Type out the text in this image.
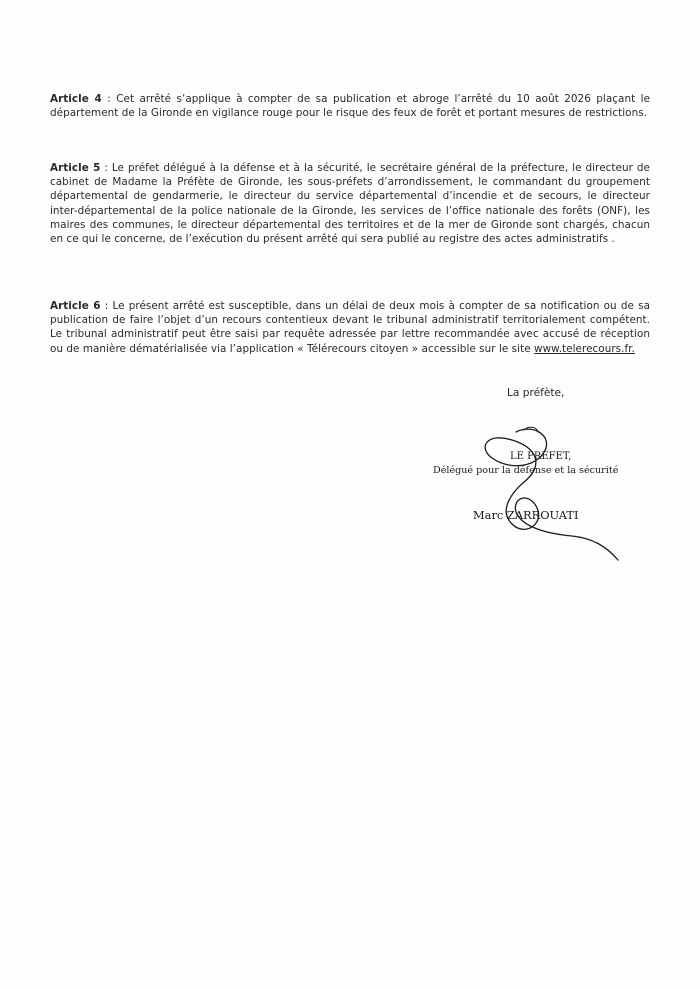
Article 4 : Cet arrêté s’applique à compter de sa publication et abroge l’arrêté du 10 août 2026 plaçant le département de la Gironde en vigilance rouge pour le risque des feux de forêt et portant mesures de restrictions.

Article 5 : Le préfet délégué à la défense et à la sécurité, le secrétaire général de la préfecture, le directeur de cabinet de Madame la Préfète de Gironde, les sous-préfets d’arrondissement, le commandant du groupement départemental de gendarmerie, le directeur du service départemental d’incendie et de secours, le directeur inter-départemental de la police nationale de la Gironde, les services de l’office nationale des forêts (ONF), les maires des communes, le directeur départemental des territoires et de la mer de Gironde sont chargés, chacun en ce qui le concerne, de l’exécution du présent arrêté qui sera publié au registre des actes administratifs .

Article 6 : Le présent arrêté est susceptible, dans un délai de deux mois à compter de sa notification ou de sa publication de faire l’objet d’un recours contentieux devant le tribunal administratif territorialement compétent. Le tribunal administratif peut être saisi par requête adressée par lettre recommandée avec accusé de réception ou de manière dématérialisée via l’application « Télérecours citoyen » accessible sur le site www.telerecours.fr.

La préfète,
LE PREFET,
Délégué pour la défense et la sécurité
Marc ZARROUATI
